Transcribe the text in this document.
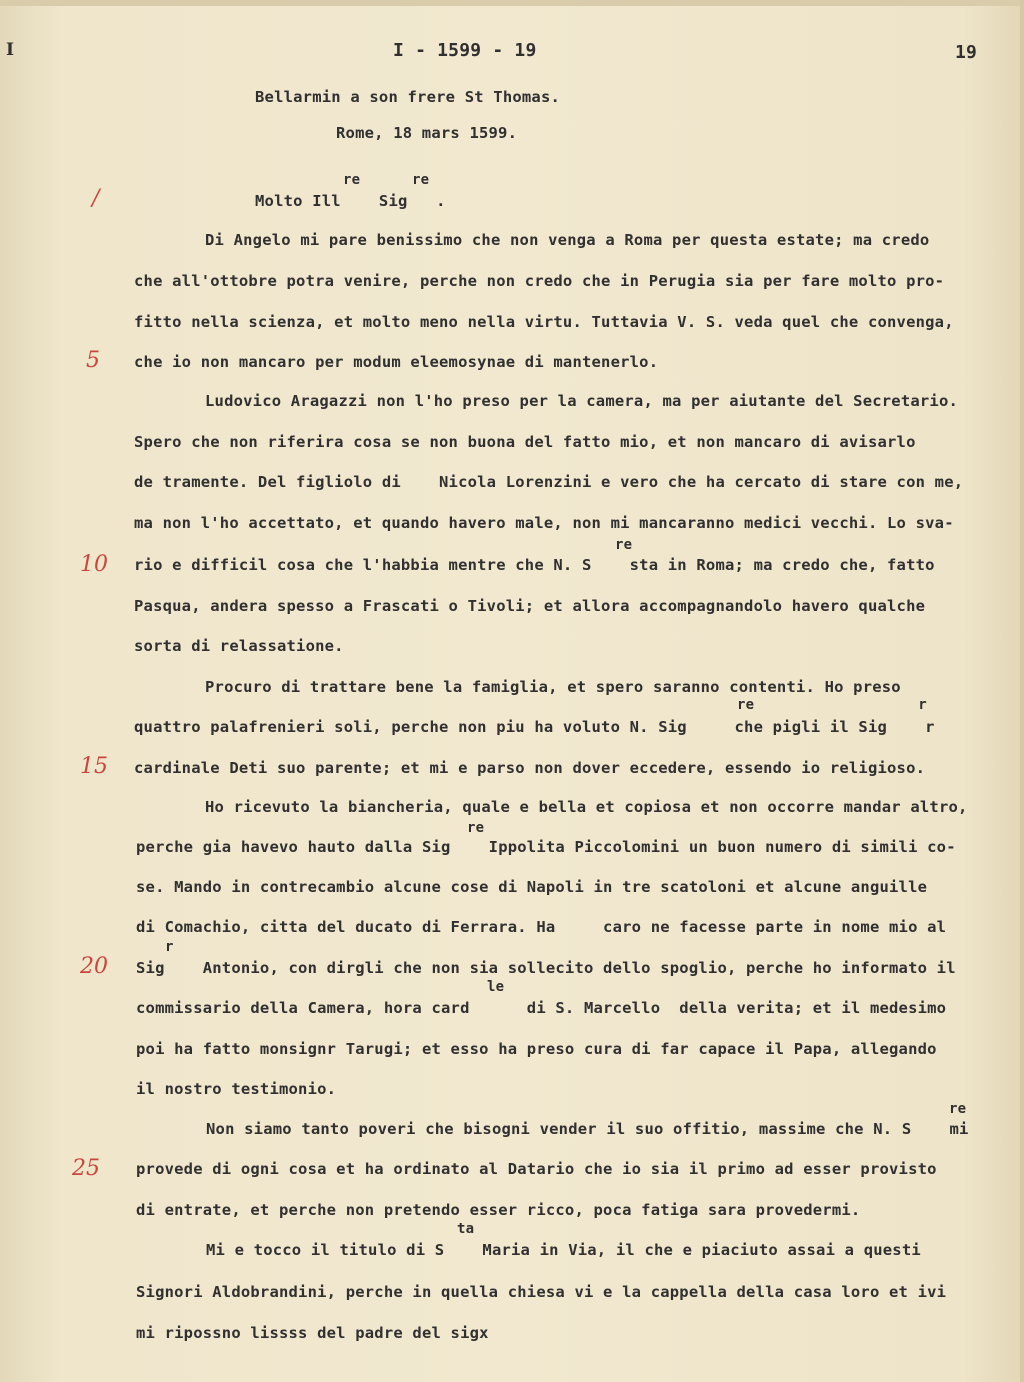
I	I - 1599 - 19	19
Bellarmin a son frere St Thomas.
Rome, 18 mars 1599.
/
5
10
15
20
25
re      re
Molto Ill    Sig   .
Di Angelo mi pare benissimo che non venga a Roma per questa estate; ma credo
che all'ottobre potra venire, perche non credo che in Perugia sia per fare molto pro-
fitto nella scienza, et molto meno nella virtu. Tuttavia V. S. veda quel che convenga,
che io non mancaro per modum eleemosynae di mantenerlo.
Ludovico Aragazzi non l'ho preso per la camera, ma per aiutante del Secretario.
Spero che non riferira cosa se non buona del fatto mio, et non mancaro di avisarlo
de tramente. Del figliolo di    Nicola Lorenzini e vero che ha cercato di stare con me,
ma non l'ho accettato, et quando havero male, non mi mancaranno medici vecchi. Lo sva-
re
rio e difficil cosa che l'habbia mentre che N. S    sta in Roma; ma credo che, fatto
Pasqua, andera spesso a Frascati o Tivoli; et allora accompagnandolo havero qualche
sorta di relassatione.
Procuro di trattare bene la famiglia, et spero saranno contenti. Ho preso
re                   r
quattro palafrenieri soli, perche non piu ha voluto N. Sig     che pigli il Sig    r
cardinale Deti suo parente; et mi e parso non dover eccedere, essendo io religioso.
Ho ricevuto la biancheria, quale e bella et copiosa et non occorre mandar altro,
re
perche gia havevo hauto dalla Sig    Ippolita Piccolomini un buon numero di simili co-
se. Mando in contrecambio alcune cose di Napoli in tre scatoloni et alcune anguille
di Comachio, citta del ducato di Ferrara. Ha     caro ne facesse parte in nome mio al
r
Sig    Antonio, con dirgli che non sia sollecito dello spoglio, perche ho informato il
le
commissario della Camera, hora card      di S. Marcello  della verita; et il medesimo
poi ha fatto monsignr Tarugi; et esso ha preso cura di far capace il Papa, allegando
il nostro testimonio.
re
Non siamo tanto poveri che bisogni vender il suo offitio, massime che N. S    mi
provede di ogni cosa et ha ordinato al Datario che io sia il primo ad esser provisto
di entrate, et perche non pretendo esser ricco, poca fatiga sara provedermi.
ta
Mi e tocco il titulo di S    Maria in Via, il che e piaciuto assai a questi
Signori Aldobrandini, perche in quella chiesa vi e la cappella della casa loro et ivi
mi ripossno lissss del padre del sigx
